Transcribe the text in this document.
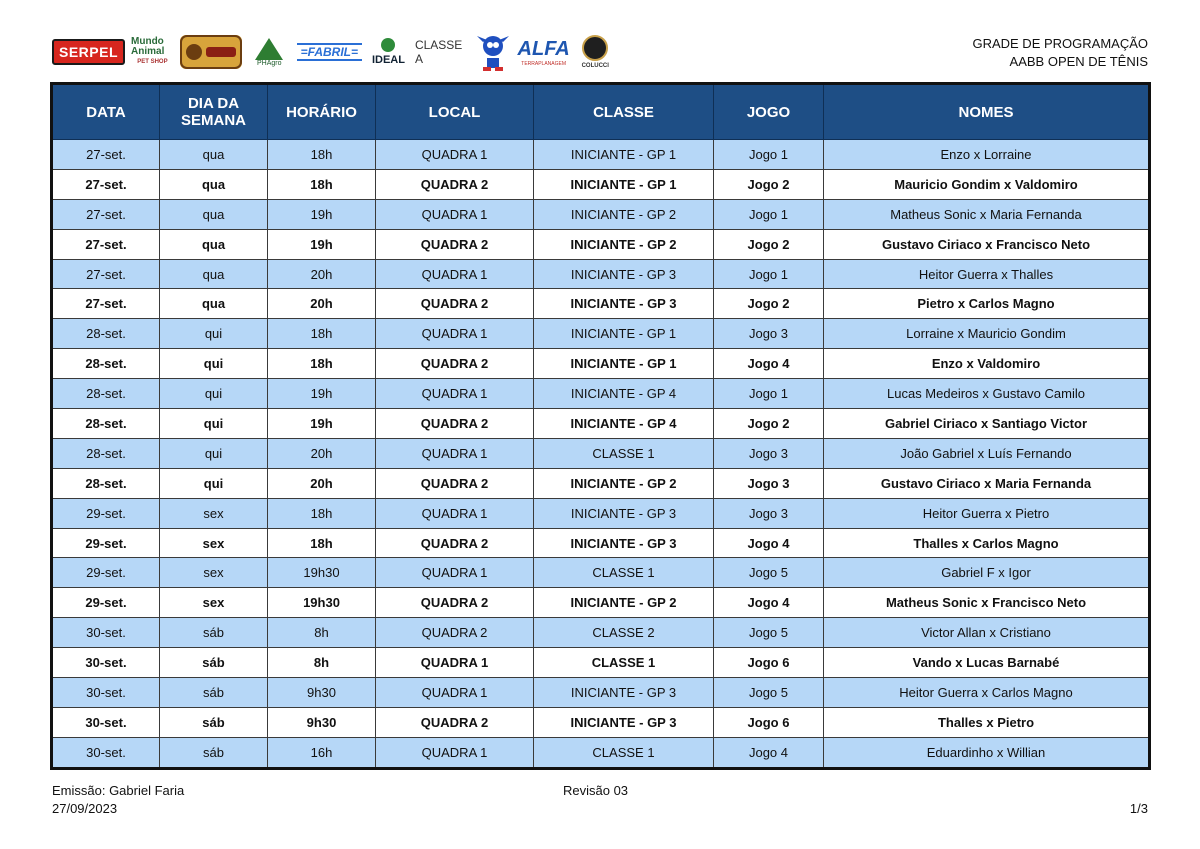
SERPEL
Mundo Animal
PET SHOP	PHAgro
=FABRIL=
IDEAL
CLASSE A	ALFA
TERRAPLANAGEM	COLUCCI
GRADE DE PROGRAMAÇÃO
AABB OPEN DE TÊNIS
DATA	DIA DA SEMANA	HORÁRIO	LOCAL	CLASSE	JOGO	NOMES
27-set.	qua	18h	QUADRA 1	INICIANTE - GP 1	Jogo 1	Enzo x Lorraine
27-set.	qua	18h	QUADRA 2	INICIANTE - GP 1	Jogo 2	Mauricio Gondim x Valdomiro
27-set.	qua	19h	QUADRA 1	INICIANTE - GP 2	Jogo 1	Matheus Sonic x Maria Fernanda
27-set.	qua	19h	QUADRA 2	INICIANTE - GP 2	Jogo 2	Gustavo Ciriaco x Francisco Neto
27-set.	qua	20h	QUADRA 1	INICIANTE - GP 3	Jogo 1	Heitor Guerra x Thalles
27-set.	qua	20h	QUADRA 2	INICIANTE - GP 3	Jogo 2	Pietro x Carlos Magno
28-set.	qui	18h	QUADRA 1	INICIANTE - GP 1	Jogo 3	Lorraine x Mauricio Gondim
28-set.	qui	18h	QUADRA 2	INICIANTE - GP 1	Jogo 4	Enzo x Valdomiro
28-set.	qui	19h	QUADRA 1	INICIANTE - GP 4	Jogo 1	Lucas Medeiros x Gustavo Camilo
28-set.	qui	19h	QUADRA 2	INICIANTE - GP 4	Jogo 2	Gabriel Ciriaco x Santiago Victor
28-set.	qui	20h	QUADRA 1	CLASSE 1	Jogo 3	João Gabriel x Luís Fernando
28-set.	qui	20h	QUADRA 2	INICIANTE - GP 2	Jogo 3	Gustavo Ciriaco x Maria Fernanda
29-set.	sex	18h	QUADRA 1	INICIANTE - GP 3	Jogo 3	Heitor Guerra x Pietro
29-set.	sex	18h	QUADRA 2	INICIANTE - GP 3	Jogo 4	Thalles x Carlos Magno
29-set.	sex	19h30	QUADRA 1	CLASSE 1	Jogo 5	Gabriel F x Igor
29-set.	sex	19h30	QUADRA 2	INICIANTE - GP 2	Jogo 4	Matheus Sonic x Francisco Neto
30-set.	sáb	8h	QUADRA 2	CLASSE 2	Jogo 5	Victor Allan x Cristiano
30-set.	sáb	8h	QUADRA 1	CLASSE 1	Jogo 6	Vando x Lucas Barnabé
30-set.	sáb	9h30	QUADRA 1	INICIANTE - GP 3	Jogo 5	Heitor Guerra x Carlos Magno
30-set.	sáb	9h30	QUADRA 2	INICIANTE - GP 3	Jogo 6	Thalles x Pietro
30-set.	sáb	16h	QUADRA 1	CLASSE 1	Jogo 4	Eduardinho x Willian
Emissão: Gabriel Faria
27/09/2023
Revisão 03
1/3
